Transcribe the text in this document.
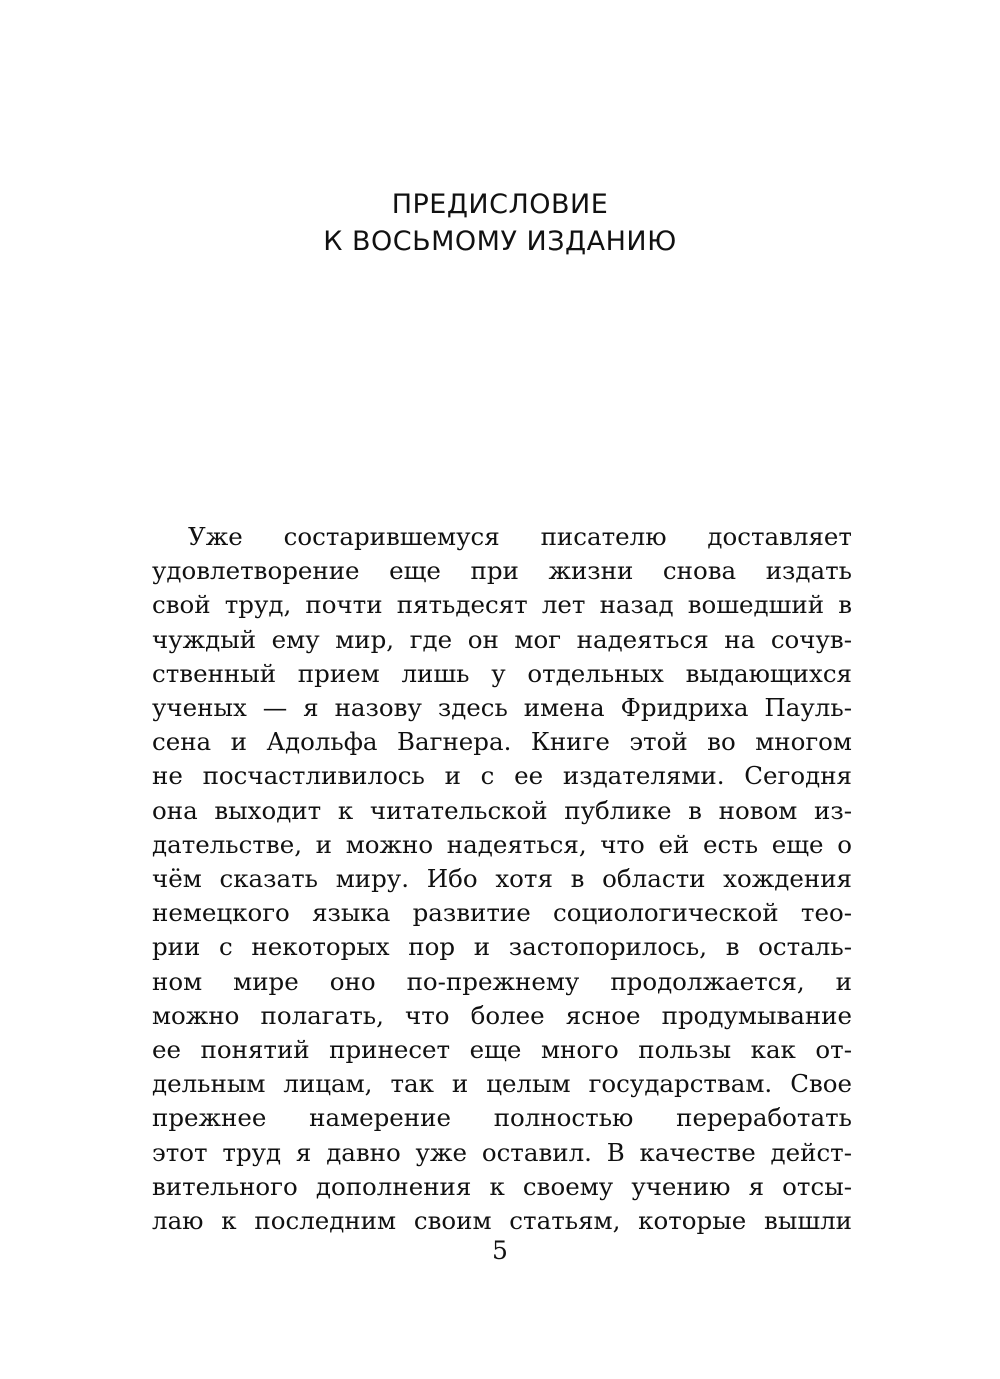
ПРЕДИСЛОВИЕ
К ВОСЬМОМУ ИЗДАНИЮ
Уже состарившемуся писателю доставляет
удовлетворение еще при жизни снова издать
свой труд, почти пятьдесят лет назад вошедший в
чуждый ему мир, где он мог надеяться на сочув-
ственный прием лишь у отдельных выдающихся
ученых — я назову здесь имена Фридриха Пауль-
сена и Адольфа Вагнера. Книге этой во многом
не посчастливилось и с ее издателями. Сегодня
она выходит к читательской публике в новом из-
дательстве, и можно надеяться, что ей есть еще о
чём сказать миру. Ибо хотя в области хождения
немецкого языка развитие социологической тео-
рии с некоторых пор и застопорилось, в осталь-
ном мире оно по-прежнему продолжается, и
можно полагать, что более ясное продумывание
ее понятий принесет еще много пользы как от-
дельным лицам, так и целым государствам. Свое
прежнее намерение полностью переработать
этот труд я давно уже оставил. В качестве дейст-
вительного дополнения к своему учению я отсы-
лаю к последним своим статьям, которые вышли
5
